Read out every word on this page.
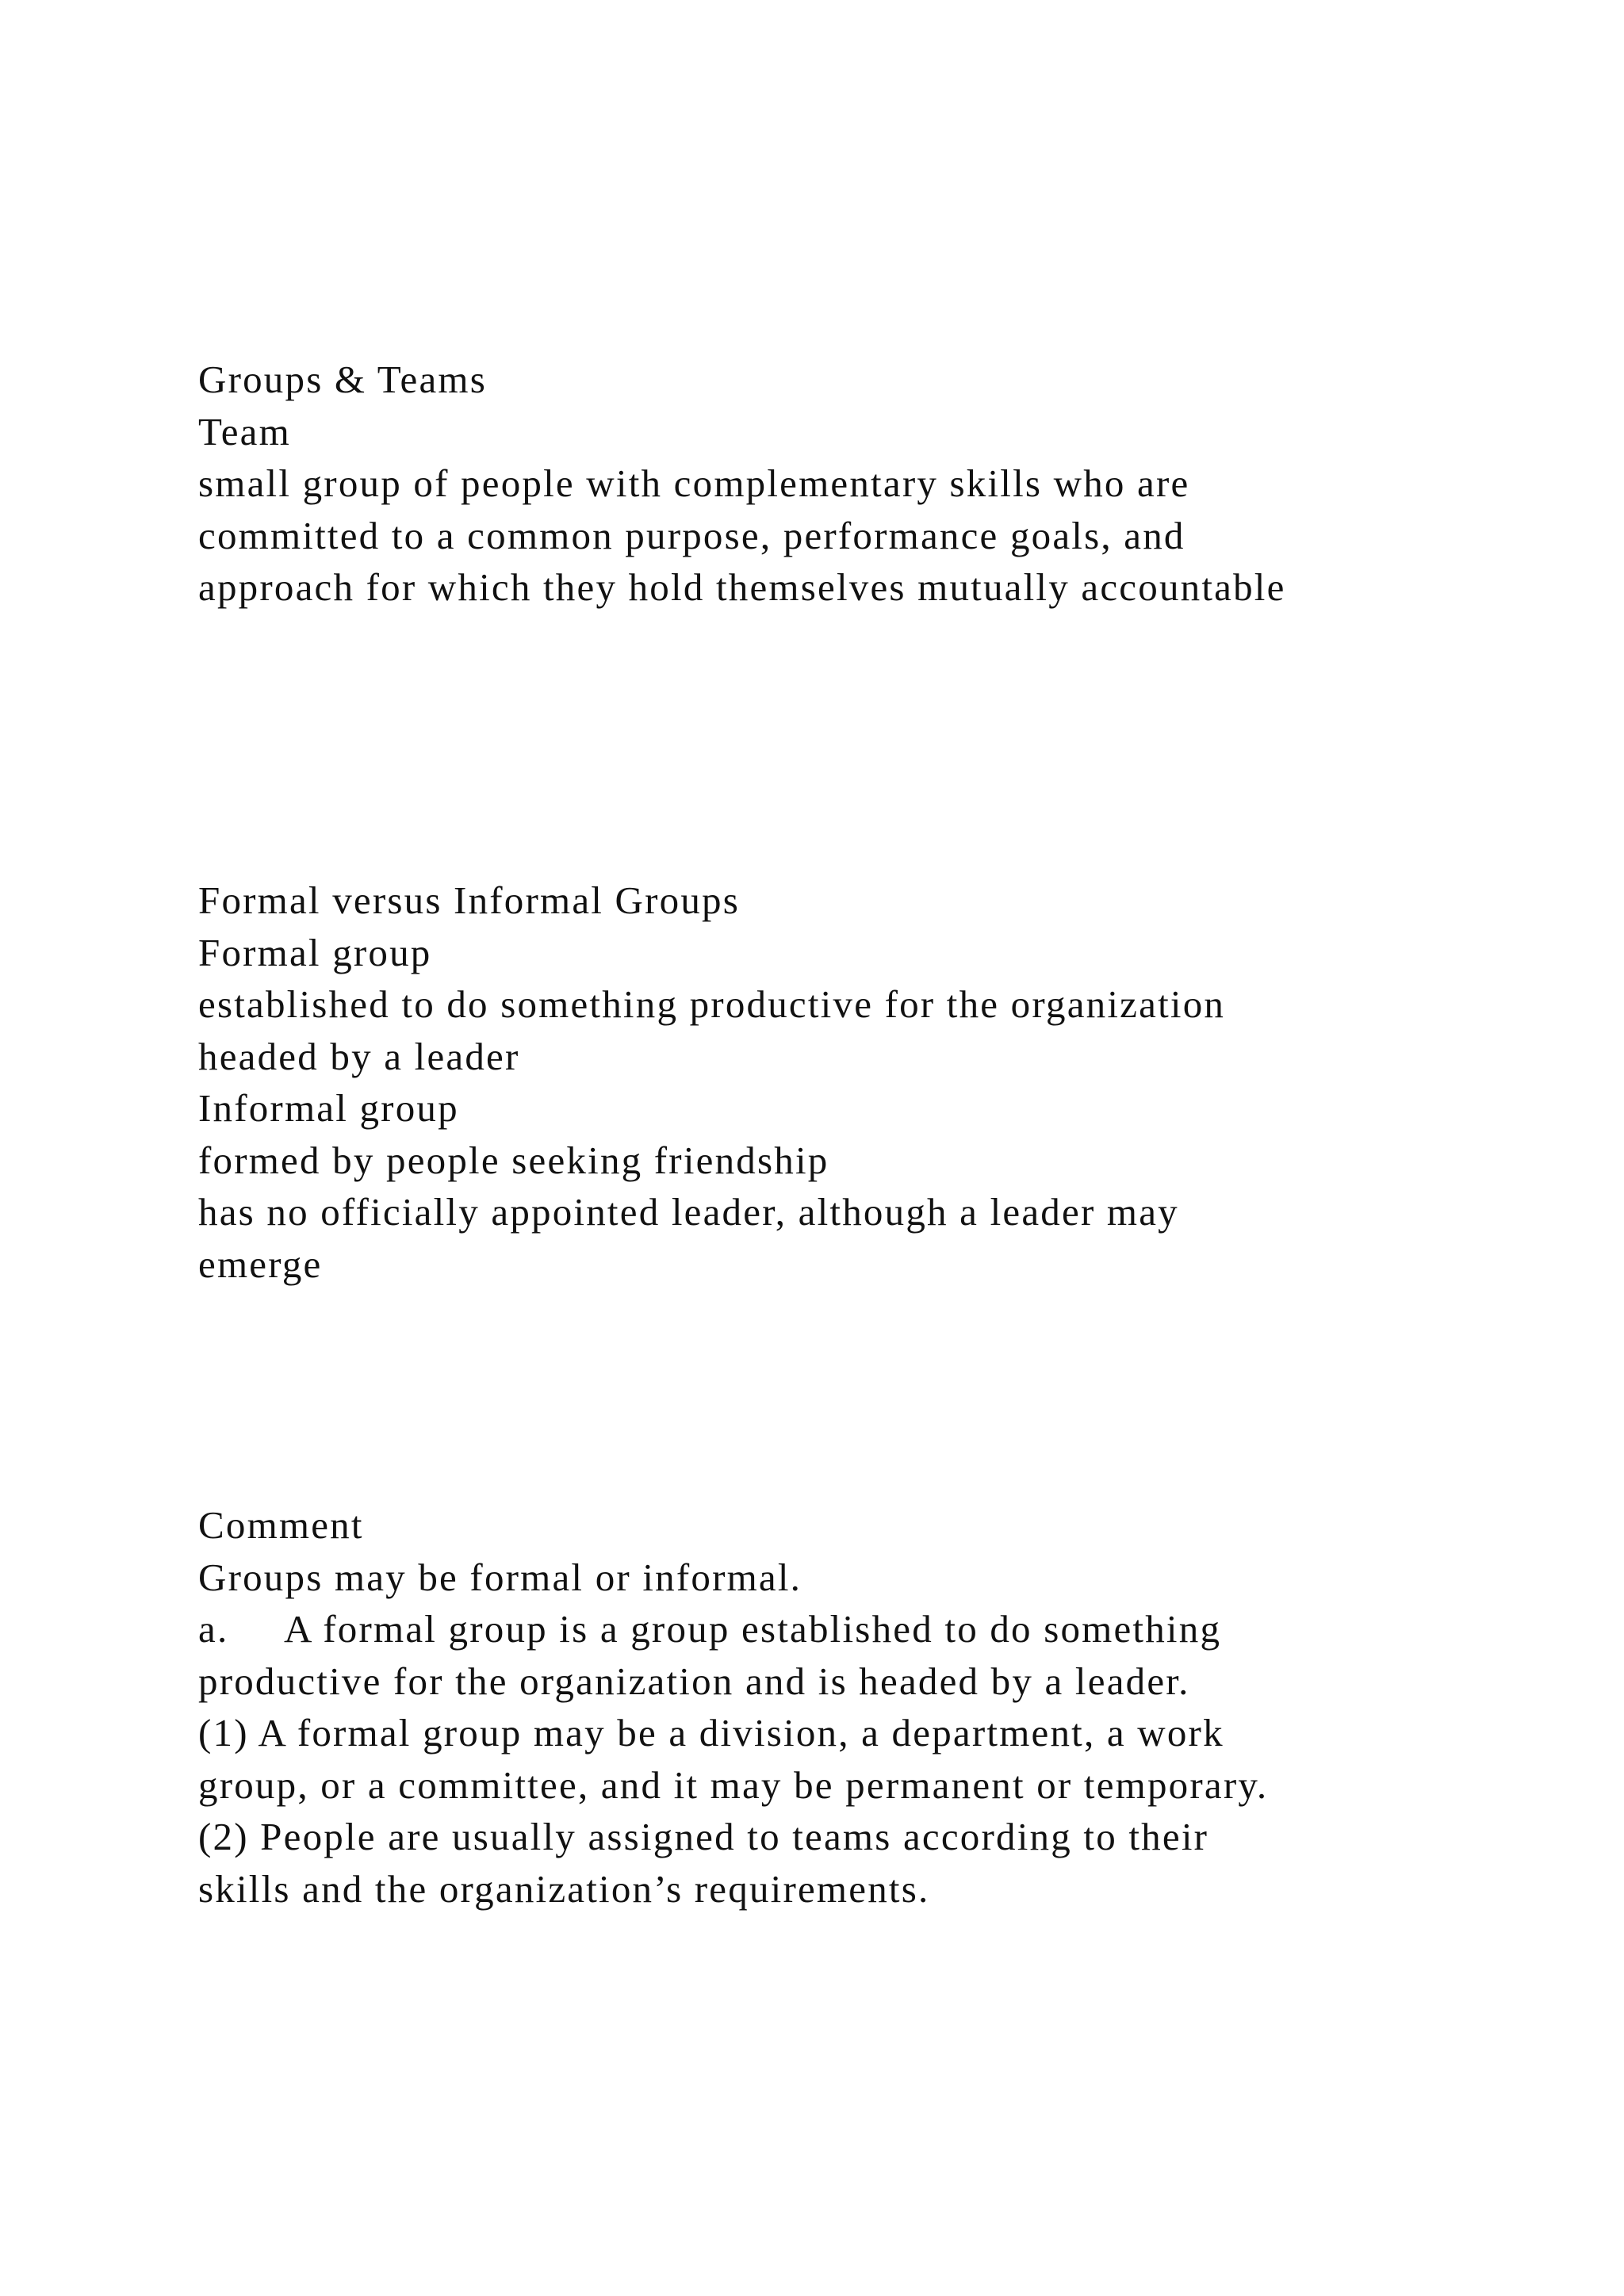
Groups & Teams
Team
small group of people with complementary skills who are
committed to a common purpose, performance goals, and
approach for which they hold themselves mutually accountable
Formal versus Informal Groups
Formal group
established to do something productive for the organization
headed by a leader
Informal group
formed by people seeking friendship
has no officially appointed leader, although a leader may
emerge
Comment
Groups may be formal or informal.
a.     A formal group is a group established to do something
productive for the organization and is headed by a leader.
(1) A formal group may be a division, a department, a work
group, or a committee, and it may be permanent or temporary.
(2) People are usually assigned to teams according to their
skills and the organization’s requirements.
